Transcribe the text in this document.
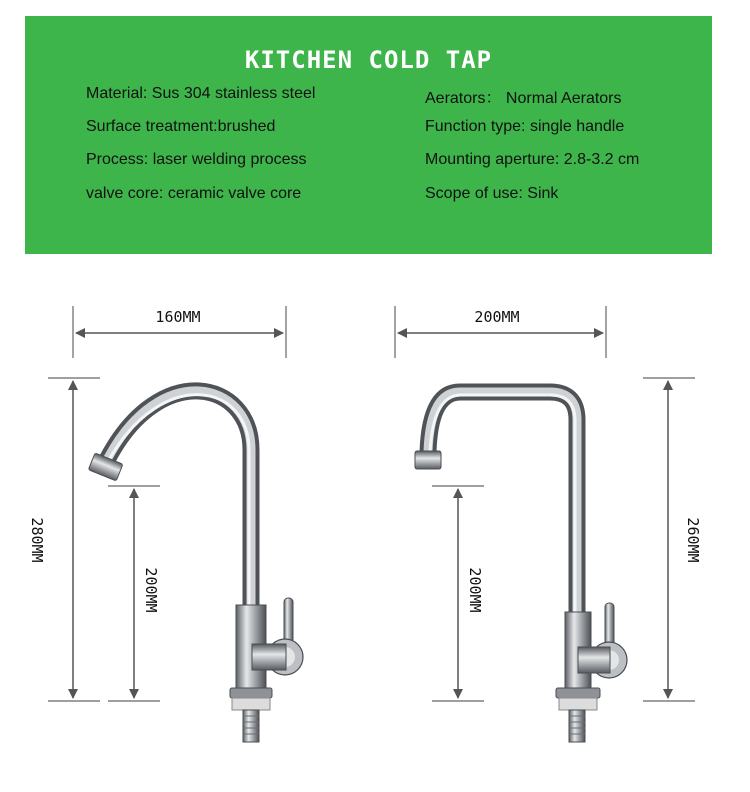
KITCHEN COLD TAP
Material: Sus 304 stainless steel
Surface treatment:brushed
Process: laser welding process
valve core: ceramic valve core
Aerators： Normal Aerators
Function type: single handle
Mounting aperture: 2.8-3.2 cm
Scope of use: Sink
160MM
280MM
200MM
200MM
260MM
200MM
